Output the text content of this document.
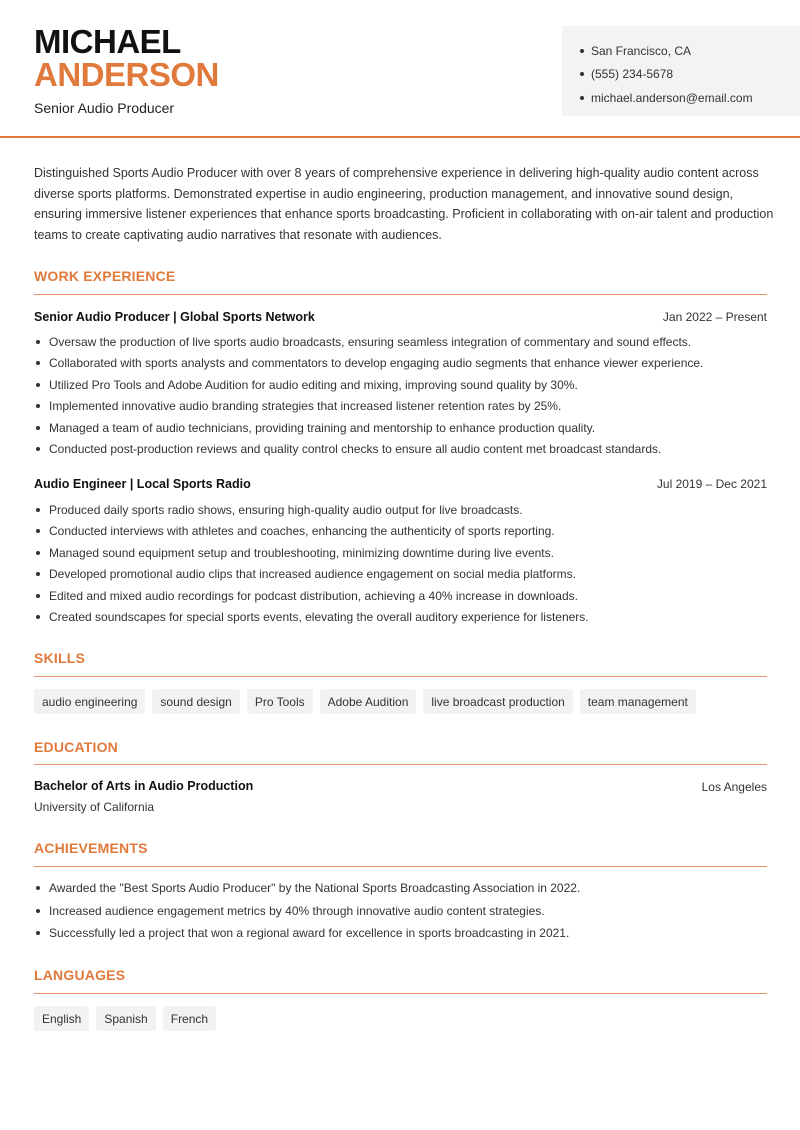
MICHAEL
ANDERSON
Senior Audio Producer
San Francisco, CA
(555) 234-5678
michael.anderson@email.com

Distinguished Sports Audio Producer with over 8 years of comprehensive experience in delivering high-quality audio content across diverse sports platforms. Demonstrated expertise in audio engineering, production management, and innovative sound design, ensuring immersive listener experiences that enhance sports broadcasting. Proficient in collaborating with on-air talent and production teams to create captivating audio narratives that resonate with audiences.

WORK EXPERIENCE
Senior Audio Producer | Global Sports Network	Jan 2022 – Present
Oversaw the production of live sports audio broadcasts, ensuring seamless integration of commentary and sound effects.
Collaborated with sports analysts and commentators to develop engaging audio segments that enhance viewer experience.
Utilized Pro Tools and Adobe Audition for audio editing and mixing, improving sound quality by 30%.
Implemented innovative audio branding strategies that increased listener retention rates by 25%.
Managed a team of audio technicians, providing training and mentorship to enhance production quality.
Conducted post-production reviews and quality control checks to ensure all audio content met broadcast standards.
Audio Engineer | Local Sports Radio	Jul 2019 – Dec 2021
Produced daily sports radio shows, ensuring high-quality audio output for live broadcasts.
Conducted interviews with athletes and coaches, enhancing the authenticity of sports reporting.
Managed sound equipment setup and troubleshooting, minimizing downtime during live events.
Developed promotional audio clips that increased audience engagement on social media platforms.
Edited and mixed audio recordings for podcast distribution, achieving a 40% increase in downloads.
Created soundscapes for special sports events, elevating the overall auditory experience for listeners.
SKILLS
audio engineering	sound design	Pro Tools	Adobe Audition	live broadcast production	team management
EDUCATION
Bachelor of Arts in Audio Production	Los Angeles
University of California
ACHIEVEMENTS
Awarded the "Best Sports Audio Producer" by the National Sports Broadcasting Association in 2022.
Increased audience engagement metrics by 40% through innovative audio content strategies.
Successfully led a project that won a regional award for excellence in sports broadcasting in 2021.
LANGUAGES
English	Spanish	French
